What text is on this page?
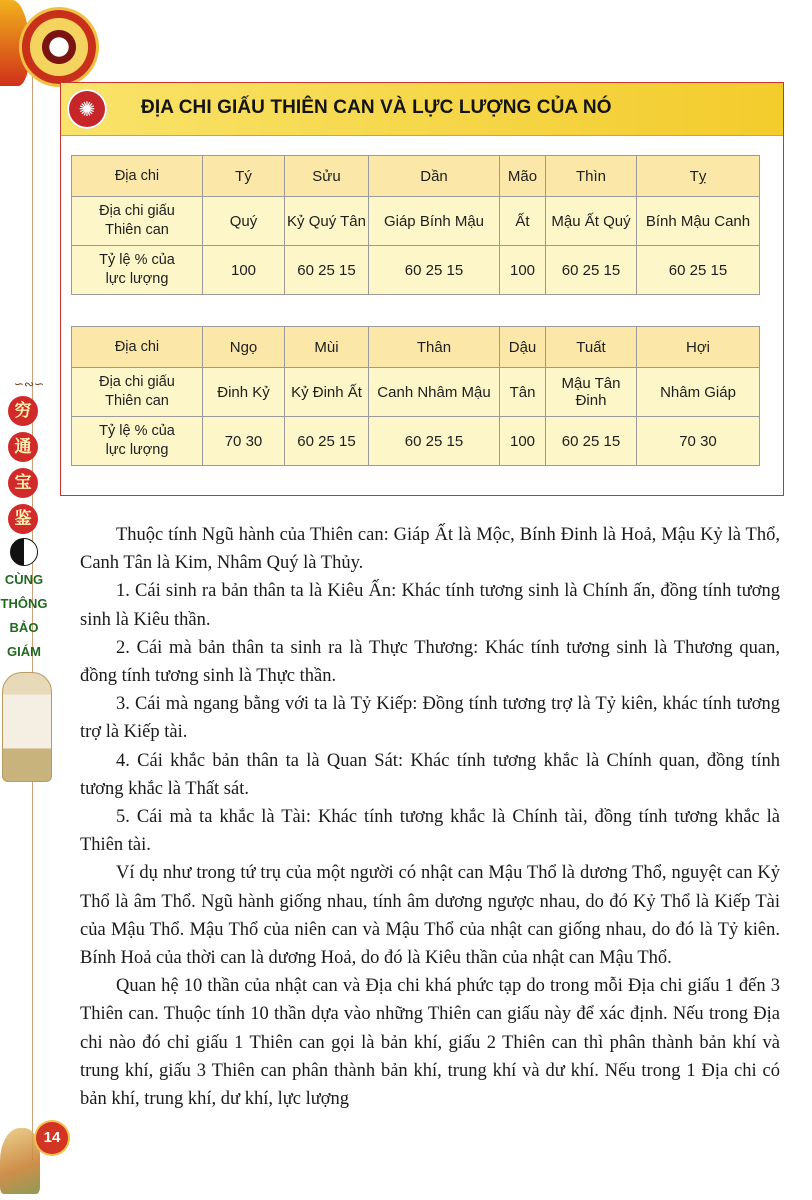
∽∾∽
穷
通
宝
鉴
CÙNG
THÔNG
BẢO
GIÁM
14
✺	ĐỊA CHI GIẤU THIÊN CAN VÀ LỰC LƯỢNG CỦA NÓ
Địa chi	Tý	Sửu	Dần	Mão	Thìn	Tỵ
Địa chi giấu
Thiên can	Quý	Kỷ Quý Tân	Giáp Bính Mậu	Ất	Mậu Ất Quý	Bính Mậu Canh
Tỷ lệ % của
lực lượng	100	60 25 15	60 25 15	100	60 25 15	60 25 15
Địa chi	Ngọ	Mùi	Thân	Dậu	Tuất	Hợi
Địa chi giấu
Thiên can	Đinh Kỷ	Kỷ Đinh Ất	Canh Nhâm Mậu	Tân	Mậu Tân Đinh	Nhâm Giáp
Tỷ lệ % của
lực lượng	70 30	60 25 15	60 25 15	100	60 25 15	70 30

Thuộc tính Ngũ hành của Thiên can: Giáp Ất là Mộc, Bính Đinh là Hoả, Mậu Kỷ là Thổ, Canh Tân là Kim, Nhâm Quý là Thủy.

1. Cái sinh ra bản thân ta là Kiêu Ấn: Khác tính tương sinh là Chính ấn, đồng tính tương sinh là Kiêu thần.

2. Cái mà bản thân ta sinh ra là Thực Thương: Khác tính tương sinh là Thương quan, đồng tính tương sinh là Thực thần.

3. Cái mà ngang bằng với ta là Tỷ Kiếp: Đồng tính tương trợ là Tỷ kiên, khác tính tương trợ là Kiếp tài.

4. Cái khắc bản thân ta là Quan Sát: Khác tính tương khắc là Chính quan, đồng tính tương khắc là Thất sát.

5. Cái mà ta khắc là Tài: Khác tính tương khắc là Chính tài, đồng tính tương khắc là Thiên tài.

Ví dụ như trong tứ trụ của một người có nhật can Mậu Thổ là dương Thổ, nguyệt can Kỷ Thổ là âm Thổ. Ngũ hành giống nhau, tính âm dương ngược nhau, do đó Kỷ Thổ là Kiếp Tài của Mậu Thổ. Mậu Thổ của niên can và Mậu Thổ của nhật can giống nhau, do đó là Tỷ kiên. Bính Hoả của thời can là dương Hoả, do đó là Kiêu thần của nhật can Mậu Thổ.

Quan hệ 10 thần của nhật can và Địa chi khá phức tạp do trong mỗi Địa chi giấu 1 đến 3 Thiên can. Thuộc tính 10 thần dựa vào những Thiên can giấu này để xác định. Nếu trong Địa chi nào đó chỉ giấu 1 Thiên can gọi là bản khí, giấu 2 Thiên can thì phân thành bản khí và trung khí, giấu 3 Thiên can phân thành bản khí, trung khí và dư khí. Nếu trong 1 Địa chi có bản khí, trung khí, dư khí, lực lượng
